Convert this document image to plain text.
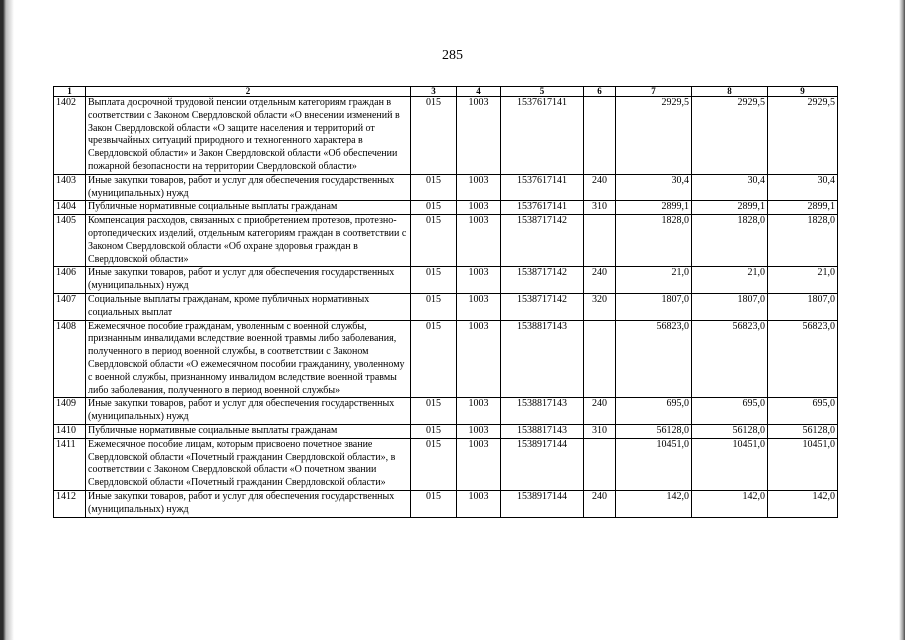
285
1	2	3	4	5	6	7	8	9
1402	Выплата досрочной трудовой пенсии отдельным категориям граждан в соответствии с Законом Свердловской области «О внесении изменений в Закон Свердловской области «О защите населения и территорий от чрезвычайных ситуаций природного и техногенного характера в Свердловской области» и Закон Свердловской области «Об обеспечении пожарной безопасности на территории Свердловской области»	015	1003	1537617141		2929,5	2929,5	2929,5
1403	Иные закупки товаров, работ и услуг для обеспечения государственных (муниципальных) нужд	015	1003	1537617141	240	30,4	30,4	30,4
1404	Публичные нормативные социальные выплаты гражданам	015	1003	1537617141	310	2899,1	2899,1	2899,1
1405	Компенсация расходов, связанных с приобретением протезов, протезно-ортопедических изделий, отдельным категориям граждан в соответствии с Законом Свердловской области «Об охране здоровья граждан в Свердловской области»	015	1003	1538717142		1828,0	1828,0	1828,0
1406	Иные закупки товаров, работ и услуг для обеспечения государственных (муниципальных) нужд	015	1003	1538717142	240	21,0	21,0	21,0
1407	Социальные выплаты гражданам, кроме публичных нормативных социальных выплат	015	1003	1538717142	320	1807,0	1807,0	1807,0
1408	Ежемесячное пособие гражданам, уволенным с военной службы, признанным инвалидами вследствие военной травмы либо заболевания, полученного в период военной службы, в соответствии с Законом Свердловской области «О ежемесячном пособии гражданину, уволенному с военной службы, признанному инвалидом вследствие военной травмы либо заболевания, полученного в период военной службы»	015	1003	1538817143		56823,0	56823,0	56823,0
1409	Иные закупки товаров, работ и услуг для обеспечения государственных (муниципальных) нужд	015	1003	1538817143	240	695,0	695,0	695,0
1410	Публичные нормативные социальные выплаты гражданам	015	1003	1538817143	310	56128,0	56128,0	56128,0
1411	Ежемесячное пособие лицам, которым присвоено почетное звание Свердловской области «Почетный гражданин Свердловской области», в соответствии с Законом Свердловской области «О почетном звании Свердловской области «Почетный гражданин Свердловской области»	015	1003	1538917144		10451,0	10451,0	10451,0
1412	Иные закупки товаров, работ и услуг для обеспечения государственных (муниципальных) нужд	015	1003	1538917144	240	142,0	142,0	142,0
